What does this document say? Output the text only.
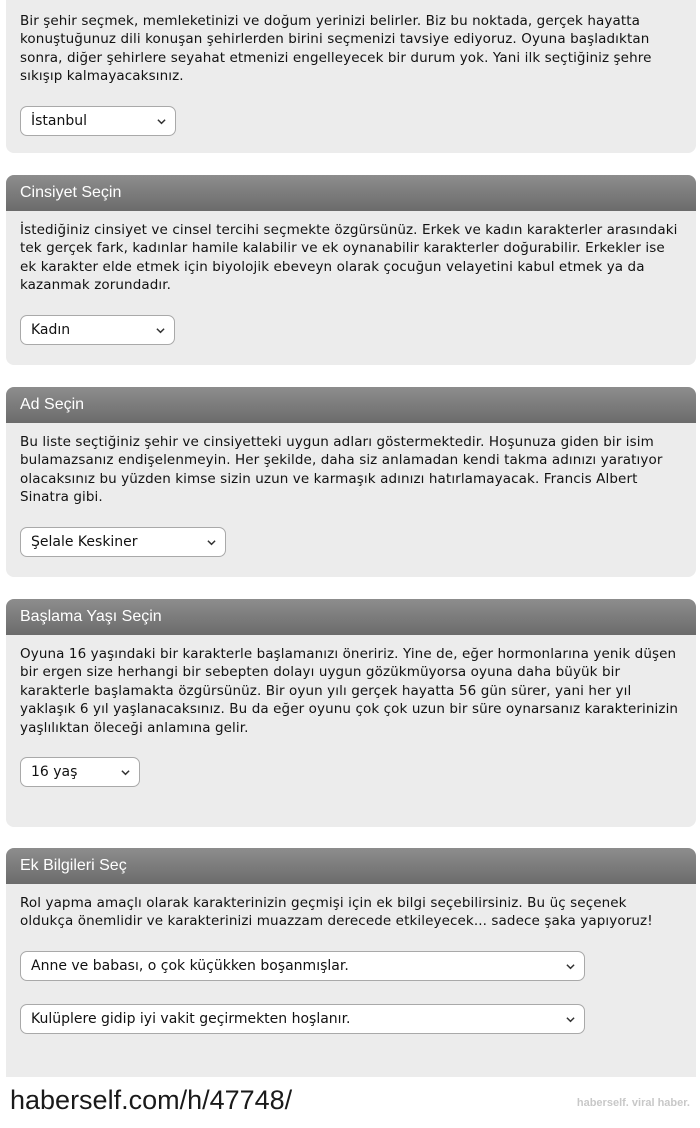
Bir şehir seçmek, memleketinizi ve doğum yerinizi belirler. Biz bu noktada, gerçek hayatta konuştuğunuz dili konuşan şehirlerden birini seçmenizi tavsiye ediyoruz. Oyuna başladıktan sonra, diğer şehirlere seyahat etmenizi engelleyecek bir durum yok. Yani ilk seçtiğiniz şehre sıkışıp kalmayacaksınız.

İstanbul
Cinsiyet Seçin

İstediğiniz cinsiyet ve cinsel tercihi seçmekte özgürsünüz. Erkek ve kadın karakterler arasındaki tek gerçek fark, kadınlar hamile kalabilir ve ek oynanabilir karakterler doğurabilir. Erkekler ise ek karakter elde etmek için biyolojik ebeveyn olarak çocuğun velayetini kabul etmek ya da kazanmak zorundadır.

Kadın
Ad Seçin

Bu liste seçtiğiniz şehir ve cinsiyetteki uygun adları göstermektedir. Hoşunuza giden bir isim bulamazsanız endişelenmeyin. Her şekilde, daha siz anlamadan kendi takma adınızı yaratıyor olacaksınız bu yüzden kimse sizin uzun ve karmaşık adınızı hatırlamayacak. Francis Albert Sinatra gibi.

Şelale Keskiner
Başlama Yaşı Seçin

Oyuna 16 yaşındaki bir karakterle başlamanızı öneririz. Yine de, eğer hormonlarına yenik düşen bir ergen size herhangi bir sebepten dolayı uygun gözükmüyorsa oyuna daha büyük bir karakterle başlamakta özgürsünüz. Bir oyun yılı gerçek hayatta 56 gün sürer, yani her yıl yaklaşık 6 yıl yaşlanacaksınız. Bu da eğer oyunu çok çok uzun bir süre oynarsanız karakterinizin yaşlılıktan öleceği anlamına gelir.

16 yaş
Ek Bilgileri Seç

Rol yapma amaçlı olarak karakterinizin geçmişi için ek bilgi seçebilirsiniz. Bu üç seçenek oldukça önemlidir ve karakterinizi muazzam derecede etkileyecek... sadece şaka yapıyoruz!

Anne ve babası, o çok küçükken boşanmışlar.
Kulüplere gidip iyi vakit geçirmekten hoşlanır.
haberself.com/h/47748/	haberself. viral haber.
